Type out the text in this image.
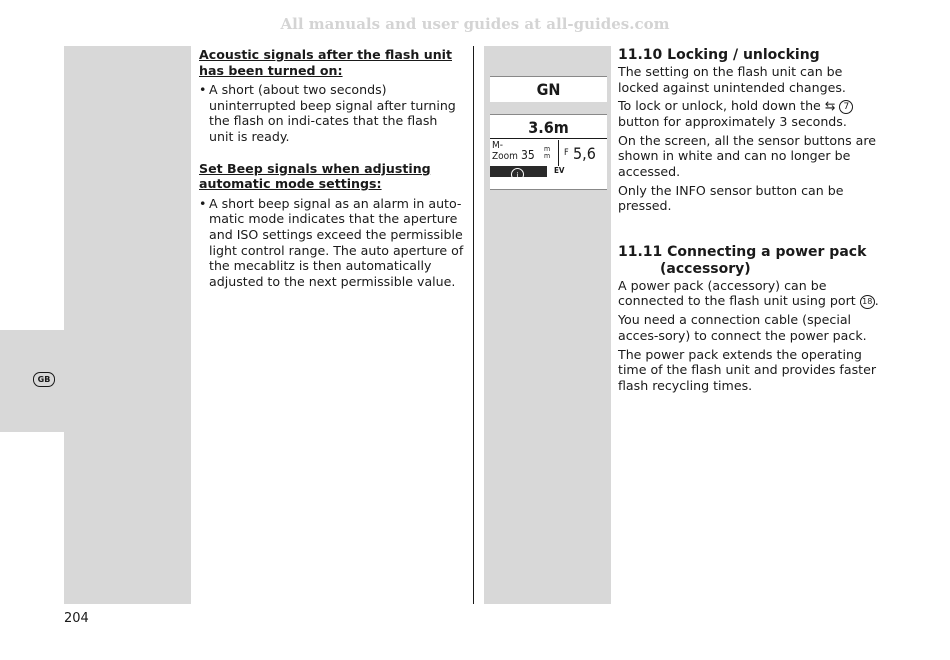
All manuals and user guides at all-guides.com
GB
Acoustic signals after the flash unit has been turned on:
• A short (about two seconds) uninterrupted beep signal after turning the flash on indi-cates that the flash unit is ready.
Set Beep signals when adjusting automatic mode settings:
• A short beep signal as an alarm in auto-matic mode indicates that the aperture and ISO settings exceed the permissible light control range. The auto aperture of the mecablitz is then automatically adjusted to the next permissible value.
GN
3.6m
M-
Zoom 35 m
m F 5,6
i
EV
11.10 Locking / unlocking
The setting on the flash unit can be locked against unintended changes.
To lock or unlock, hold down the ⇆ 7 button for approximately 3 seconds.
On the screen, all the sensor buttons are shown in white and can no longer be accessed.
Only the INFO sensor button can be pressed.
11.11 Connecting a power pack
(accessory)
A power pack (accessory) can be connected to the flash unit using port 18 .
You need a connection cable (special acces-sory) to connect the power pack.
The power pack extends the operating time of the flash unit and provides faster flash recycling times.
204
